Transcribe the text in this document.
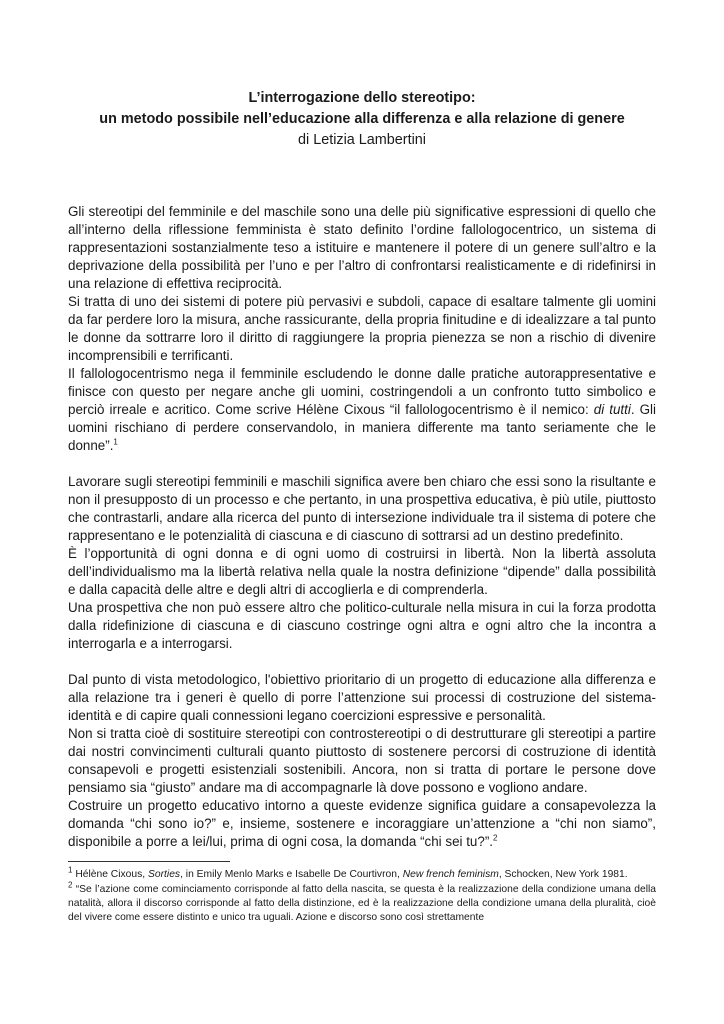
L’interrogazione dello stereotipo:

un metodo possibile nell’educazione alla differenza e alla relazione di genere

di Letizia Lambertini

Gli stereotipi del femminile e del maschile sono una delle più significative espressioni di quello che all’interno della riflessione femminista è stato definito l’ordine fallologocentrico, un sistema di rappresentazioni sostanzialmente teso a istituire e mantenere il potere di un genere sull’altro e la deprivazione della possibilità per l’uno e per l’altro di confrontarsi realisticamente e di ridefinirsi in una relazione di effettiva reciprocità.

Si tratta di uno dei sistemi di potere più pervasivi e subdoli, capace di esaltare talmente gli uomini da far perdere loro la misura, anche rassicurante, della propria finitudine e di idealizzare a tal punto le donne da sottrarre loro il diritto di raggiungere la propria pienezza se non a rischio di divenire incomprensibili e terrificanti.

Il fallologocentrismo nega il femminile escludendo le donne dalle pratiche autorappresentative e finisce con questo per negare anche gli uomini, costringendoli a un confronto tutto simbolico e perciò irreale e acritico. Come scrive Hélène Cixous “il fallologocentrismo è il nemico: di tutti. Gli uomini rischiano di perdere conservandolo, in maniera differente ma tanto seriamente che le donne”.$^1$

Lavorare sugli stereotipi femminili e maschili significa avere ben chiaro che essi sono la risultante e non il presupposto di un processo e che pertanto, in una prospettiva educativa, è più utile, piuttosto che contrastarli, andare alla ricerca del punto di intersezione individuale tra il sistema di potere che rappresentano e le potenzialità di ciascuna e di ciascuno di sottrarsi ad un destino predefinito.

È l’opportunità di ogni donna e di ogni uomo di costruirsi in libertà. Non la libertà assoluta dell’individualismo ma la libertà relativa nella quale la nostra definizione “dipende” dalla possibilità e dalla capacità delle altre e degli altri di accoglierla e di comprenderla.

Una prospettiva che non può essere altro che politico-culturale nella misura in cui la forza prodotta dalla ridefinizione di ciascuna e di ciascuno costringe ogni altra e ogni altro che la incontra a interrogarla e a interrogarsi.

Dal punto di vista metodologico, l'obiettivo prioritario di un progetto di educazione alla differenza e alla relazione tra i generi è quello di porre l’attenzione sui processi di costruzione del sistema-identità e di capire quali connessioni legano coercizioni espressive e personalità.

Non si tratta cioè di sostituire stereotipi con controstereotipi o di destrutturare gli stereotipi a partire dai nostri convincimenti culturali quanto piuttosto di sostenere percorsi di costruzione di identità consapevoli e progetti esistenziali sostenibili. Ancora, non si tratta di portare le persone dove pensiamo sia “giusto” andare ma di accompagnarle là dove possono e vogliono andare.

Costruire un progetto educativo intorno a queste evidenze significa guidare a consapevolezza la domanda “chi sono io?” e, insieme, sostenere e incoraggiare un’attenzione a “chi non siamo”, disponibile a porre a lei/lui, prima di ogni cosa, la domanda “chi sei tu?”.$^2$

$^1$ Hélène Cixous, Sorties, in Emily Menlo Marks e Isabelle De Courtivron, New french feminism, Schocken, New York 1981.

$^2$ “Se l’azione come cominciamento corrisponde al fatto della nascita, se questa è la realizzazione della condizione umana della natalità, allora il discorso corrisponde al fatto della distinzione, ed è la realizzazione della condizione umana della pluralità, cioè del vivere come essere distinto e unico tra uguali. Azione e discorso sono così strettamente
